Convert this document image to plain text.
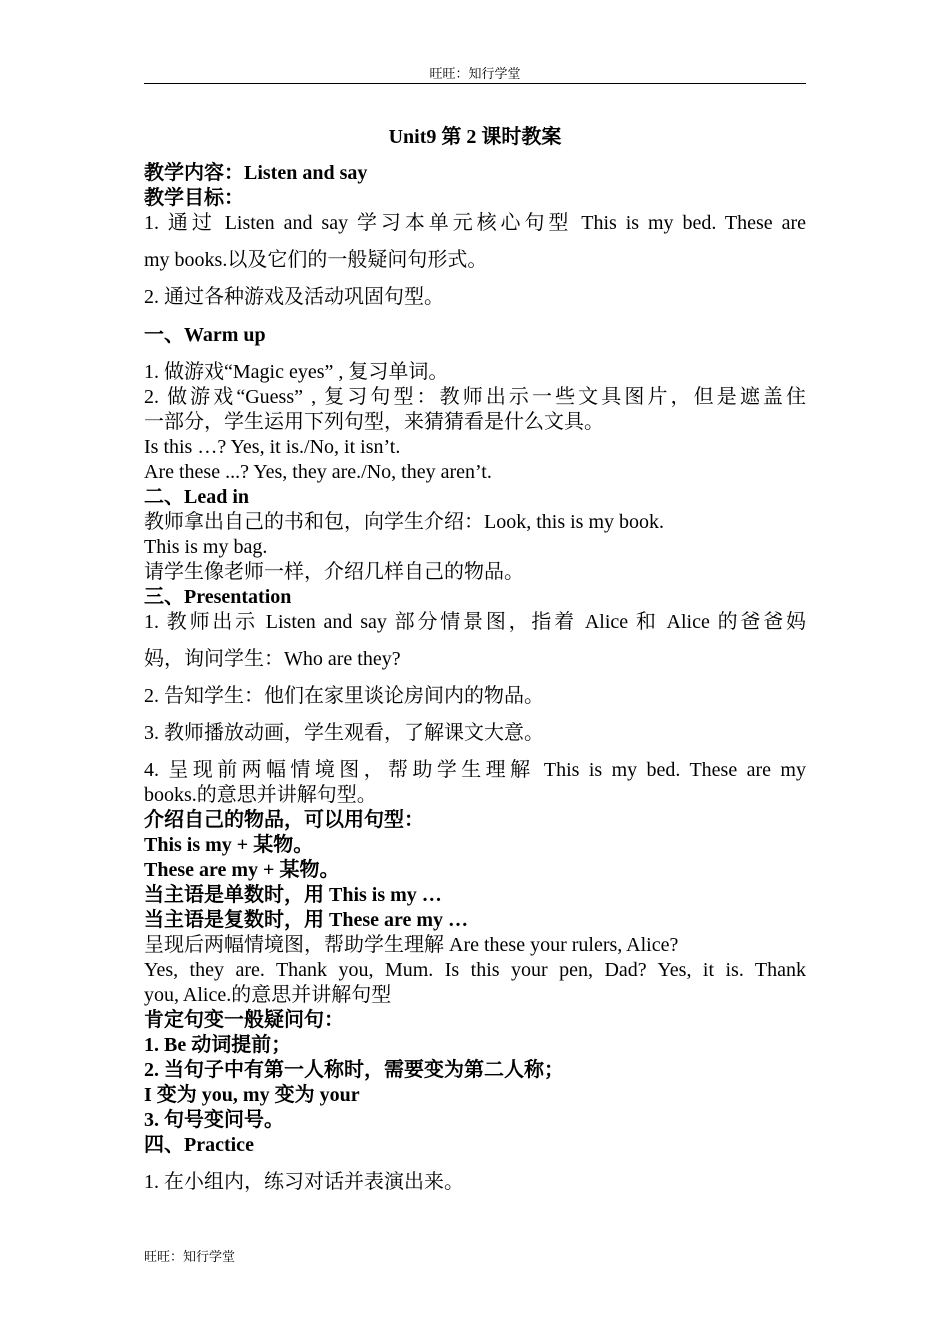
旺旺：知行学堂
Unit9 第 2 课时教案
教学内容：Listen and say
教学目标：
1. 通过 Listen and say 学习本单元核心句型 This is my bed. These are
my books.以及它们的一般疑问句形式。
2. 通过各种游戏及活动巩固句型。
一、Warm up
1. 做游戏“Magic eyes” , 复习单词。
2. 做游戏“Guess” , 复习句型：教师出示一些文具图片，但是遮盖住
一部分，学生运用下列句型，来猜猜看是什么文具。
Is this …? Yes, it is./No, it isn’t.
Are these ...? Yes, they are./No, they aren’t.
二、Lead in
教师拿出自己的书和包，向学生介绍：Look, this is my book.
This is my bag.
请学生像老师一样，介绍几样自己的物品。
三、Presentation
1. 教师出示 Listen and say 部分情景图，指着 Alice 和 Alice 的爸爸妈
妈，询问学生：Who are they?
2. 告知学生：他们在家里谈论房间内的物品。
3. 教师播放动画，学生观看，了解课文大意。
4. 呈现前两幅情境图，帮助学生理解 This is my bed. These are my
books.的意思并讲解句型。
介绍自己的物品，可以用句型：
This is my + 某物。
These are my + 某物。
当主语是单数时，用 This is my …
当主语是复数时，用 These are my …
呈现后两幅情境图，帮助学生理解 Are these your rulers, Alice?
Yes, they are. Thank you, Mum. Is this your pen, Dad? Yes, it is. Thank
you, Alice.的意思并讲解句型
肯定句变一般疑问句：
1. Be 动词提前；
2. 当句子中有第一人称时，需要变为第二人称；
I 变为 you, my 变为 your
3. 句号变问号。
四、Practice
1. 在小组内，练习对话并表演出来。
旺旺：知行学堂
